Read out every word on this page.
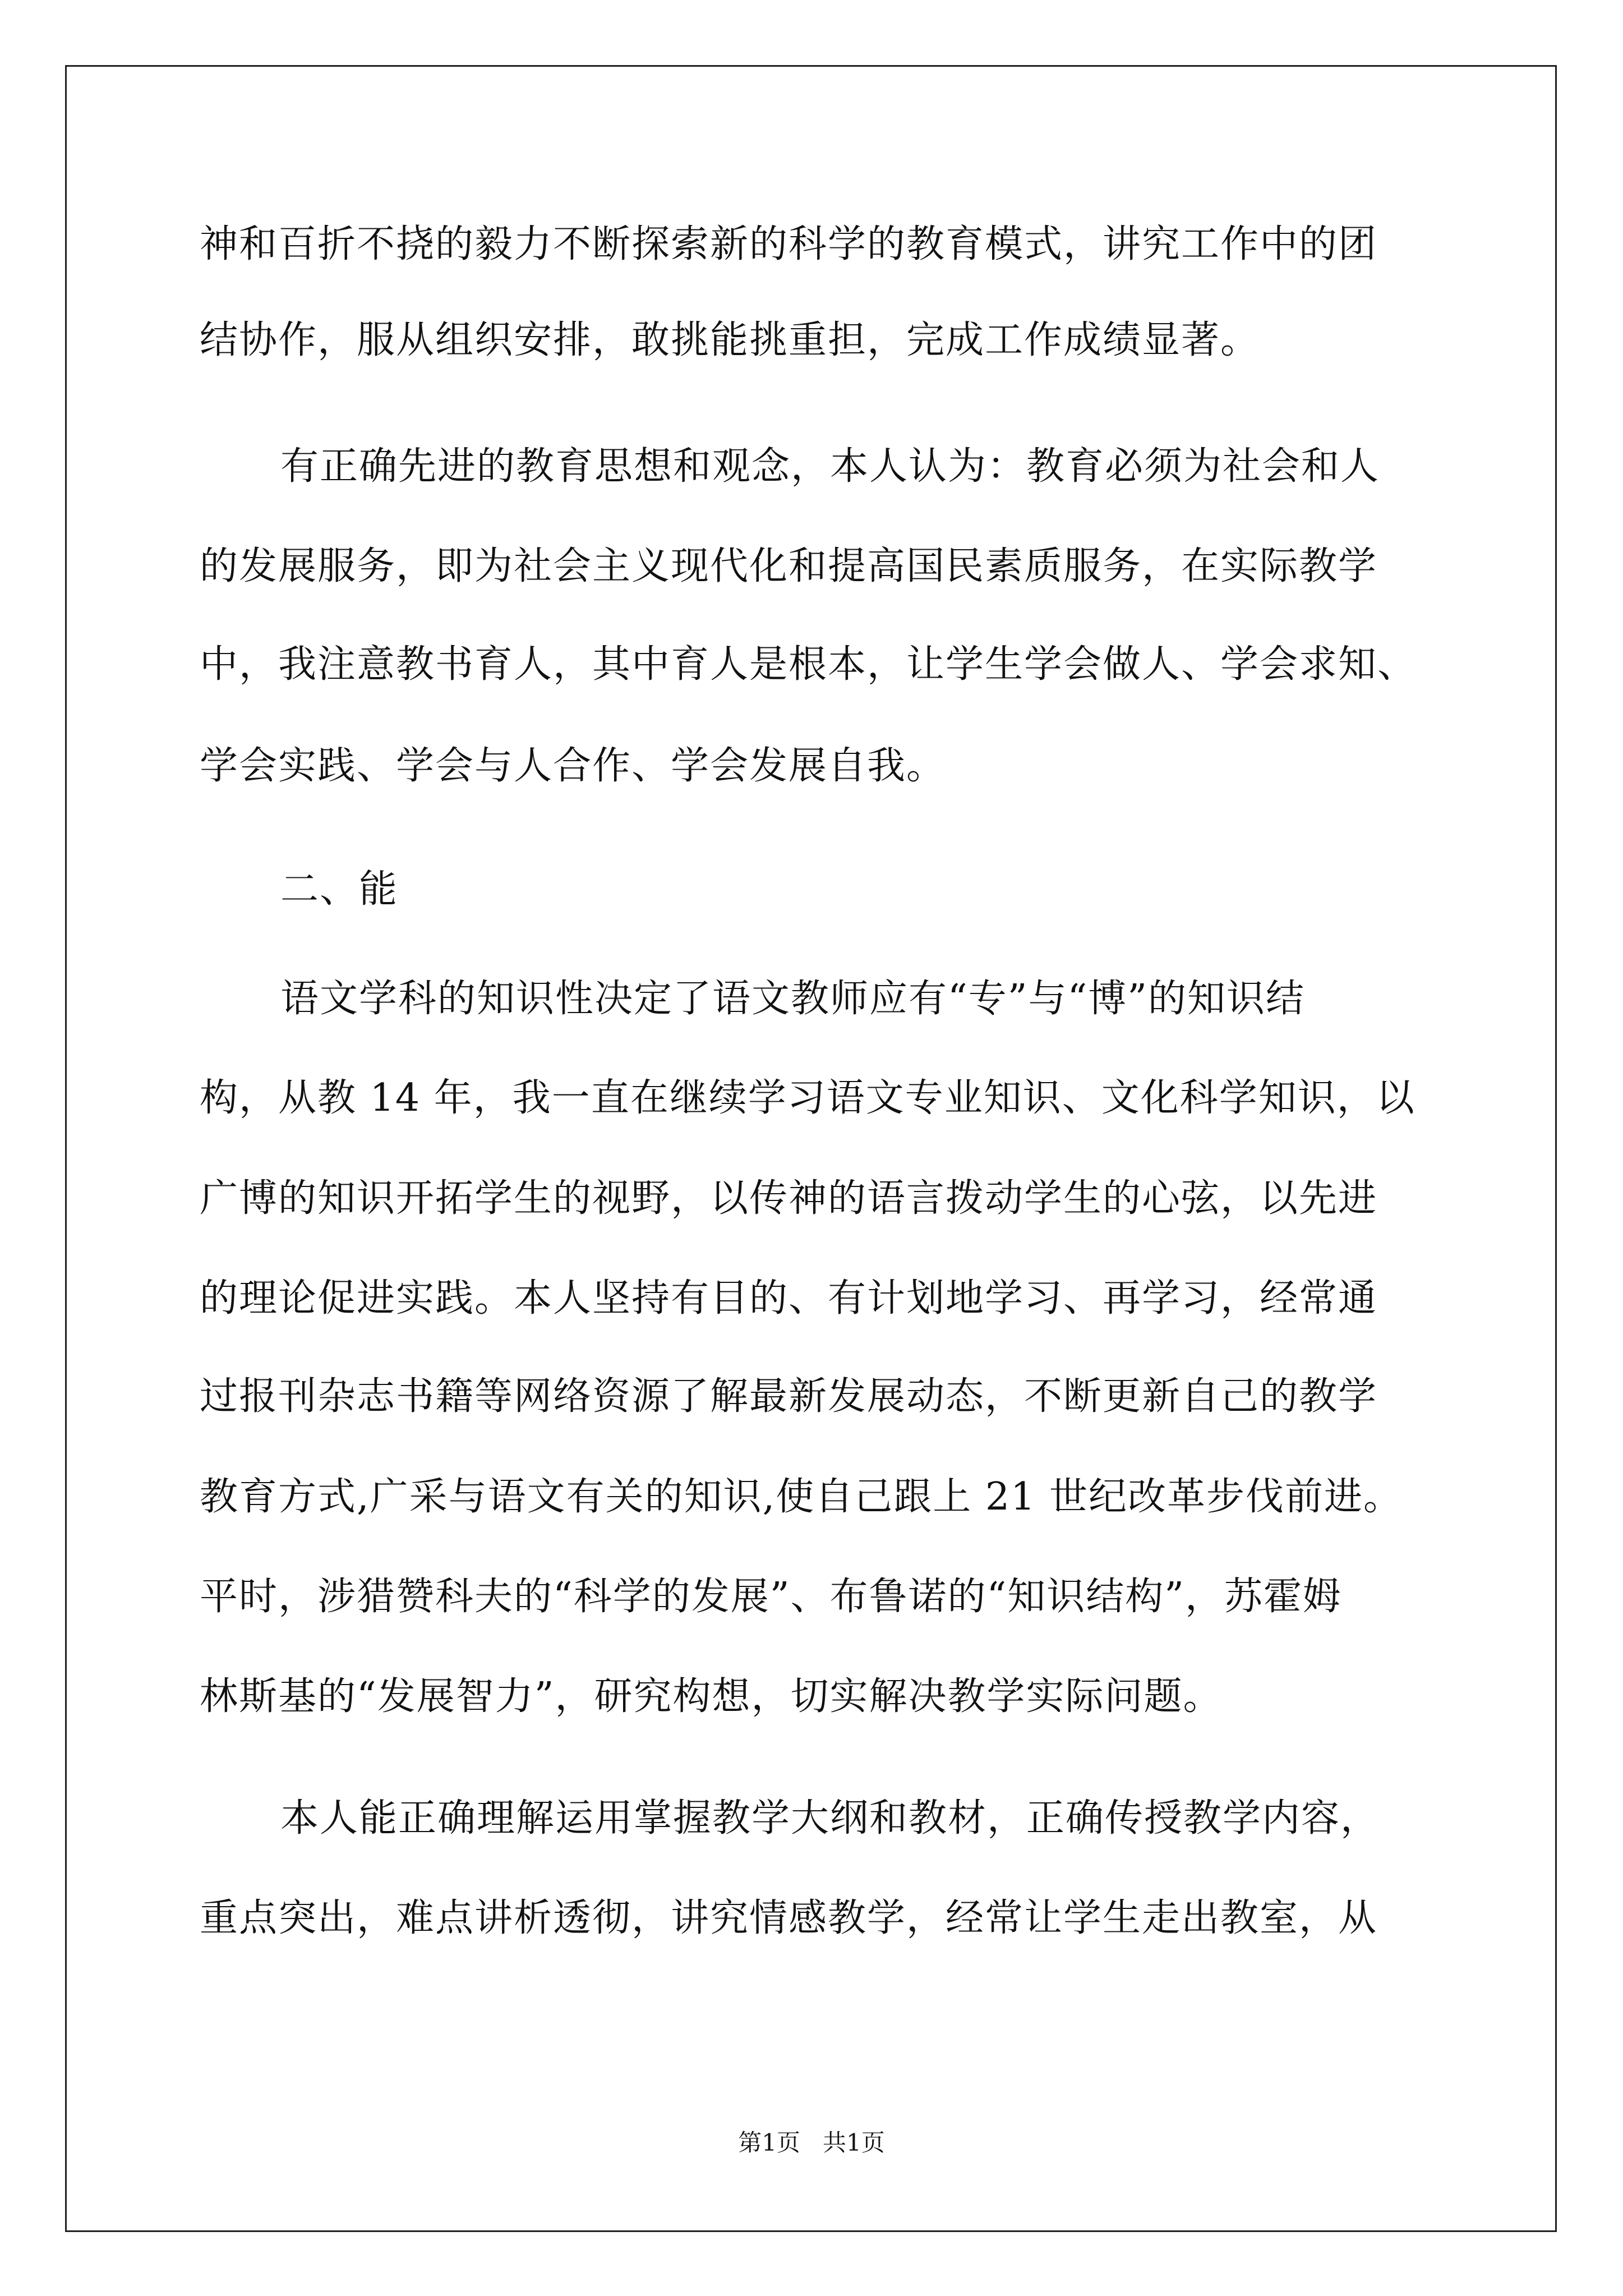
神和百折不挠的毅力不断探索新的科学的教育模式，讲究工作中的团

结协作，服从组织安排，敢挑能挑重担，完成工作成绩显著。

有正确先进的教育思想和观念，本人认为：教育必须为社会和人

的发展服务，即为社会主义现代化和提高国民素质服务，在实际教学

中，我注意教书育人，其中育人是根本，让学生学会做人、学会求知、

学会实践、学会与人合作、学会发展自我。

二、能

语文学科的知识性决定了语文教师应有“专”与“博”的知识结

构，从教 14 年，我一直在继续学习语文专业知识、文化科学知识，以

广博的知识开拓学生的视野，以传神的语言拨动学生的心弦，以先进

的理论促进实践。本人坚持有目的、有计划地学习、再学习，经常通

过报刊杂志书籍等网络资源了解最新发展动态，不断更新自己的教学

教育方式,广采与语文有关的知识,使自己跟上 21 世纪改革步伐前进。

平时，涉猎赞科夫的“科学的发展”、布鲁诺的“知识结构”，苏霍姆

林斯基的“发展智力”，研究构想，切实解决教学实际问题。

本人能正确理解运用掌握教学大纲和教材，正确传授教学内容，

重点突出，难点讲析透彻，讲究情感教学，经常让学生走出教室，从

第1页   共1页
